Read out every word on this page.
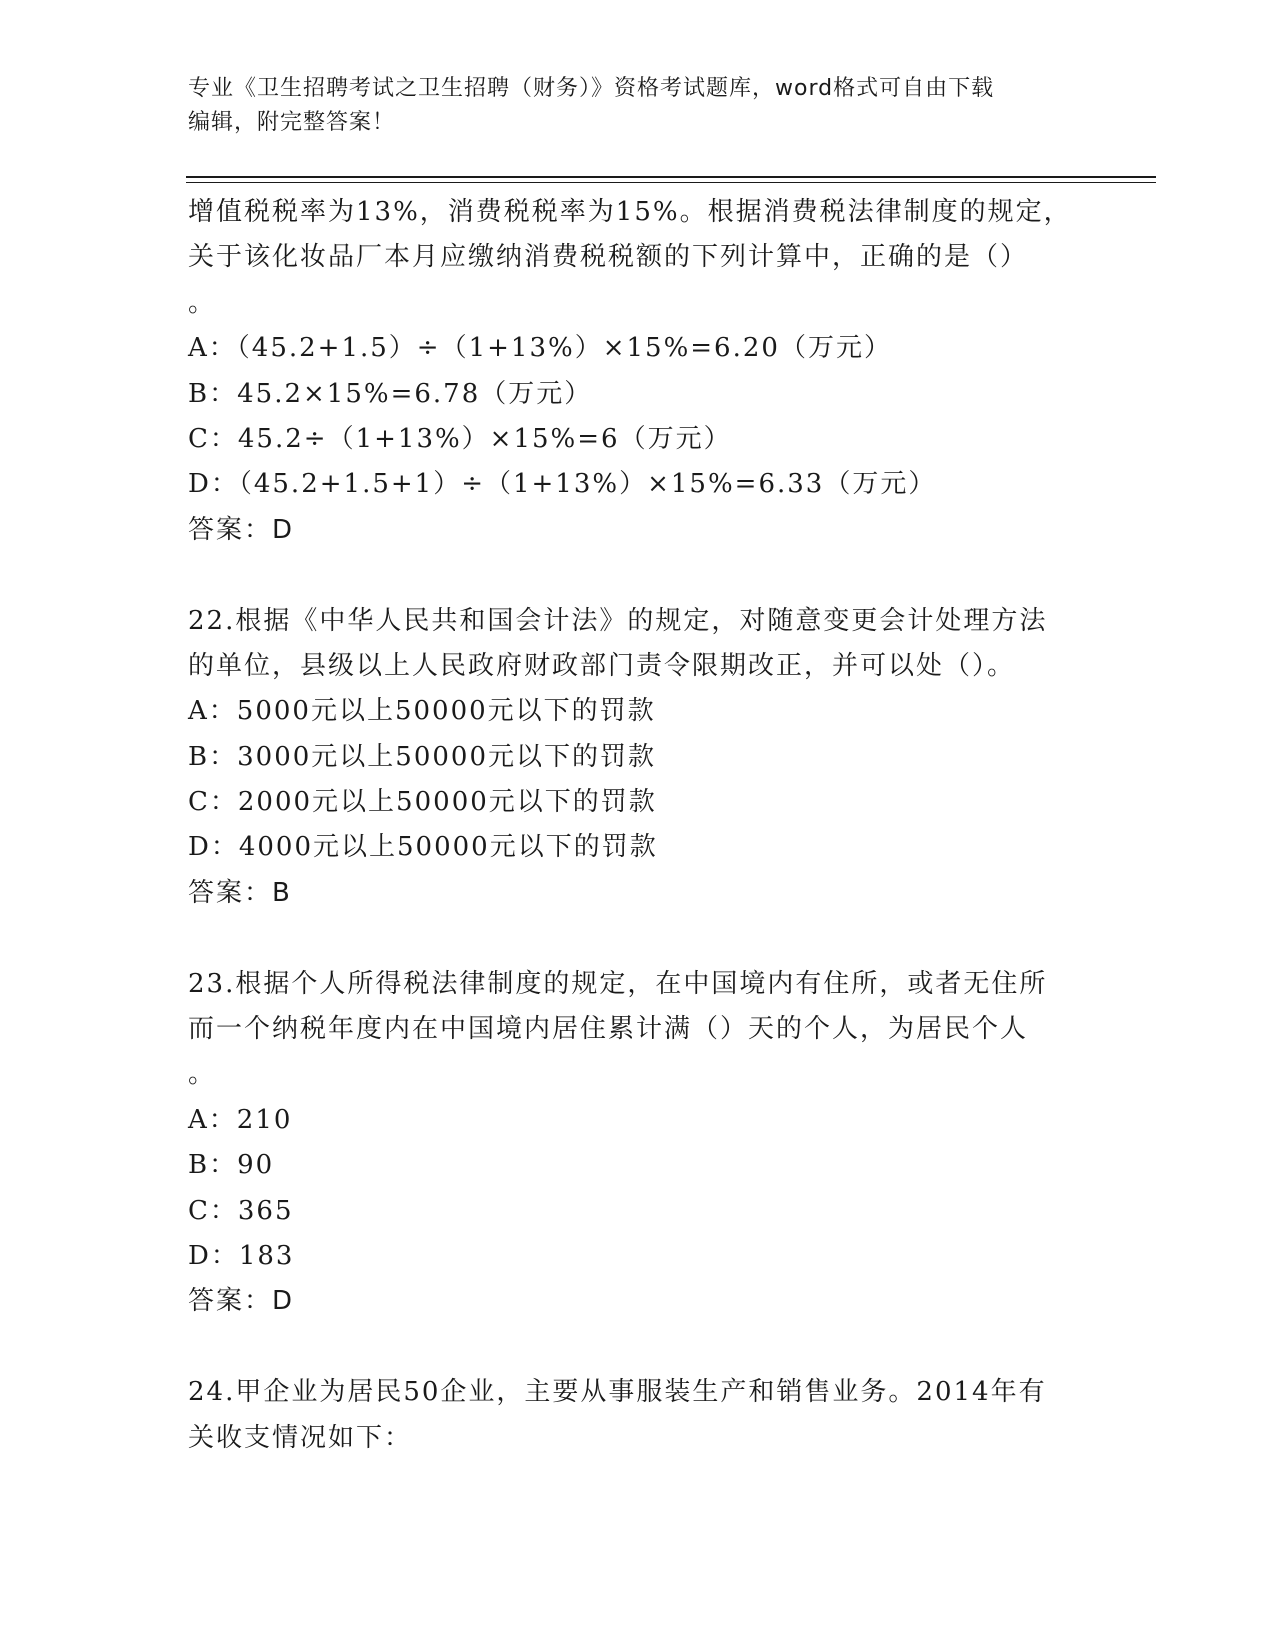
专业《卫生招聘考试之卫生招聘（财务）》资格考试题库，word格式可自由下载
编辑，附完整答案！
增值税税率为13%，消费税税率为15%。根据消费税法律制度的规定，
关于该化妆品厂本月应缴纳消费税税额的下列计算中，正确的是（）
。
A：（45.2+1.5）÷（1+13%）×15%=6.20（万元）
B：45.2×15%=6.78（万元）
C：45.2÷（1+13%）×15%=6（万元）
D：（45.2+1.5+1）÷（1+13%）×15%=6.33（万元）
答案：D
22.根据《中华人民共和国会计法》的规定，对随意变更会计处理方法
的单位，县级以上人民政府财政部门责令限期改正，并可以处（）。
A：5000元以上50000元以下的罚款
B：3000元以上50000元以下的罚款
C：2000元以上50000元以下的罚款
D：4000元以上50000元以下的罚款
答案：B
23.根据个人所得税法律制度的规定，在中国境内有住所，或者无住所
而一个纳税年度内在中国境内居住累计满（）天的个人，为居民个人
。
A：210
B：90
C：365
D：183
答案：D
24.甲企业为居民50企业，主要从事服装生产和销售业务。2014年有
关收支情况如下：
